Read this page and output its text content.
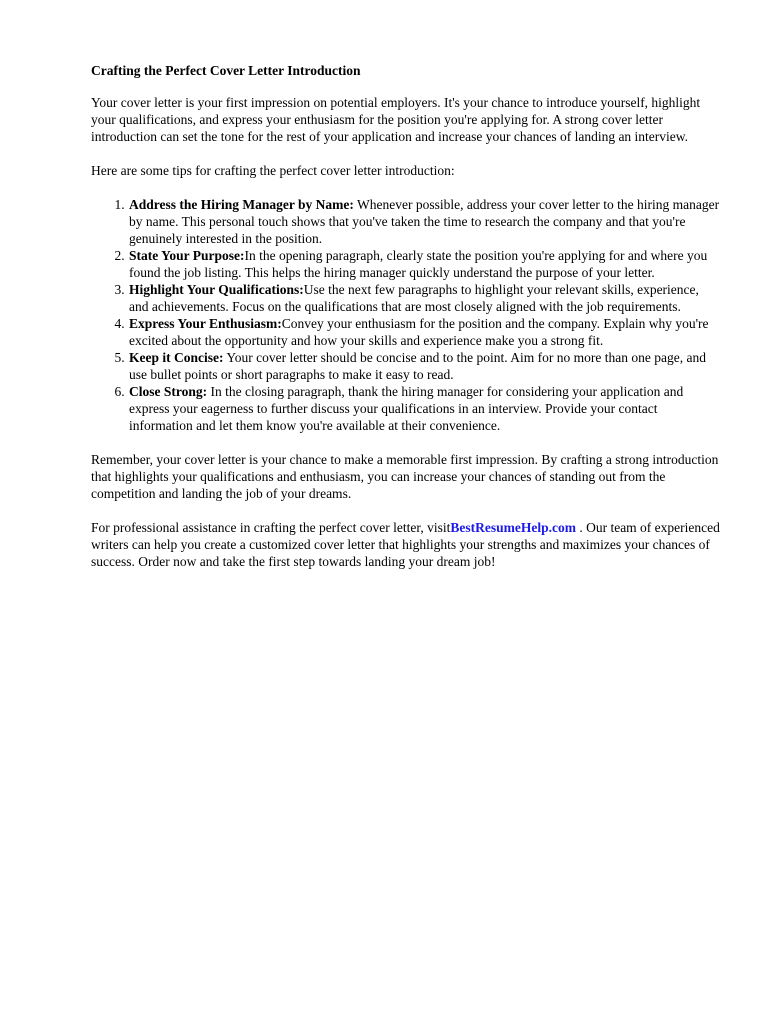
Crafting the Perfect Cover Letter Introduction

Your cover letter is your first impression on potential employers. It's your chance to introduce yourself, highlight your qualifications, and express your enthusiasm for the position you're applying for. A strong cover letter introduction can set the tone for the rest of your application and increase your chances of landing an interview.

Here are some tips for crafting the perfect cover letter introduction:

1. Address the Hiring Manager by Name: Whenever possible, address your cover letter to the hiring manager by name. This personal touch shows that you've taken the time to research the company and that you're genuinely interested in the position.
2. State Your Purpose:In the opening paragraph, clearly state the position you're applying for and where you found the job listing. This helps the hiring manager quickly understand the purpose of your letter.
3. Highlight Your Qualifications:Use the next few paragraphs to highlight your relevant skills, experience, and achievements. Focus on the qualifications that are most closely aligned with the job requirements.
4. Express Your Enthusiasm:Convey your enthusiasm for the position and the company. Explain why you're excited about the opportunity and how your skills and experience make you a strong fit.
5. Keep it Concise: Your cover letter should be concise and to the point. Aim for no more than one page, and use bullet points or short paragraphs to make it easy to read.
6. Close Strong: In the closing paragraph, thank the hiring manager for considering your application and express your eagerness to further discuss your qualifications in an interview. Provide your contact information and let them know you're available at their convenience.

Remember, your cover letter is your chance to make a memorable first impression. By crafting a strong introduction that highlights your qualifications and enthusiasm, you can increase your chances of standing out from the competition and landing the job of your dreams.

For professional assistance in crafting the perfect cover letter, visitBestResumeHelp.com . Our team of experienced writers can help you create a customized cover letter that highlights your strengths and maximizes your chances of success. Order now and take the first step towards landing your dream job!
